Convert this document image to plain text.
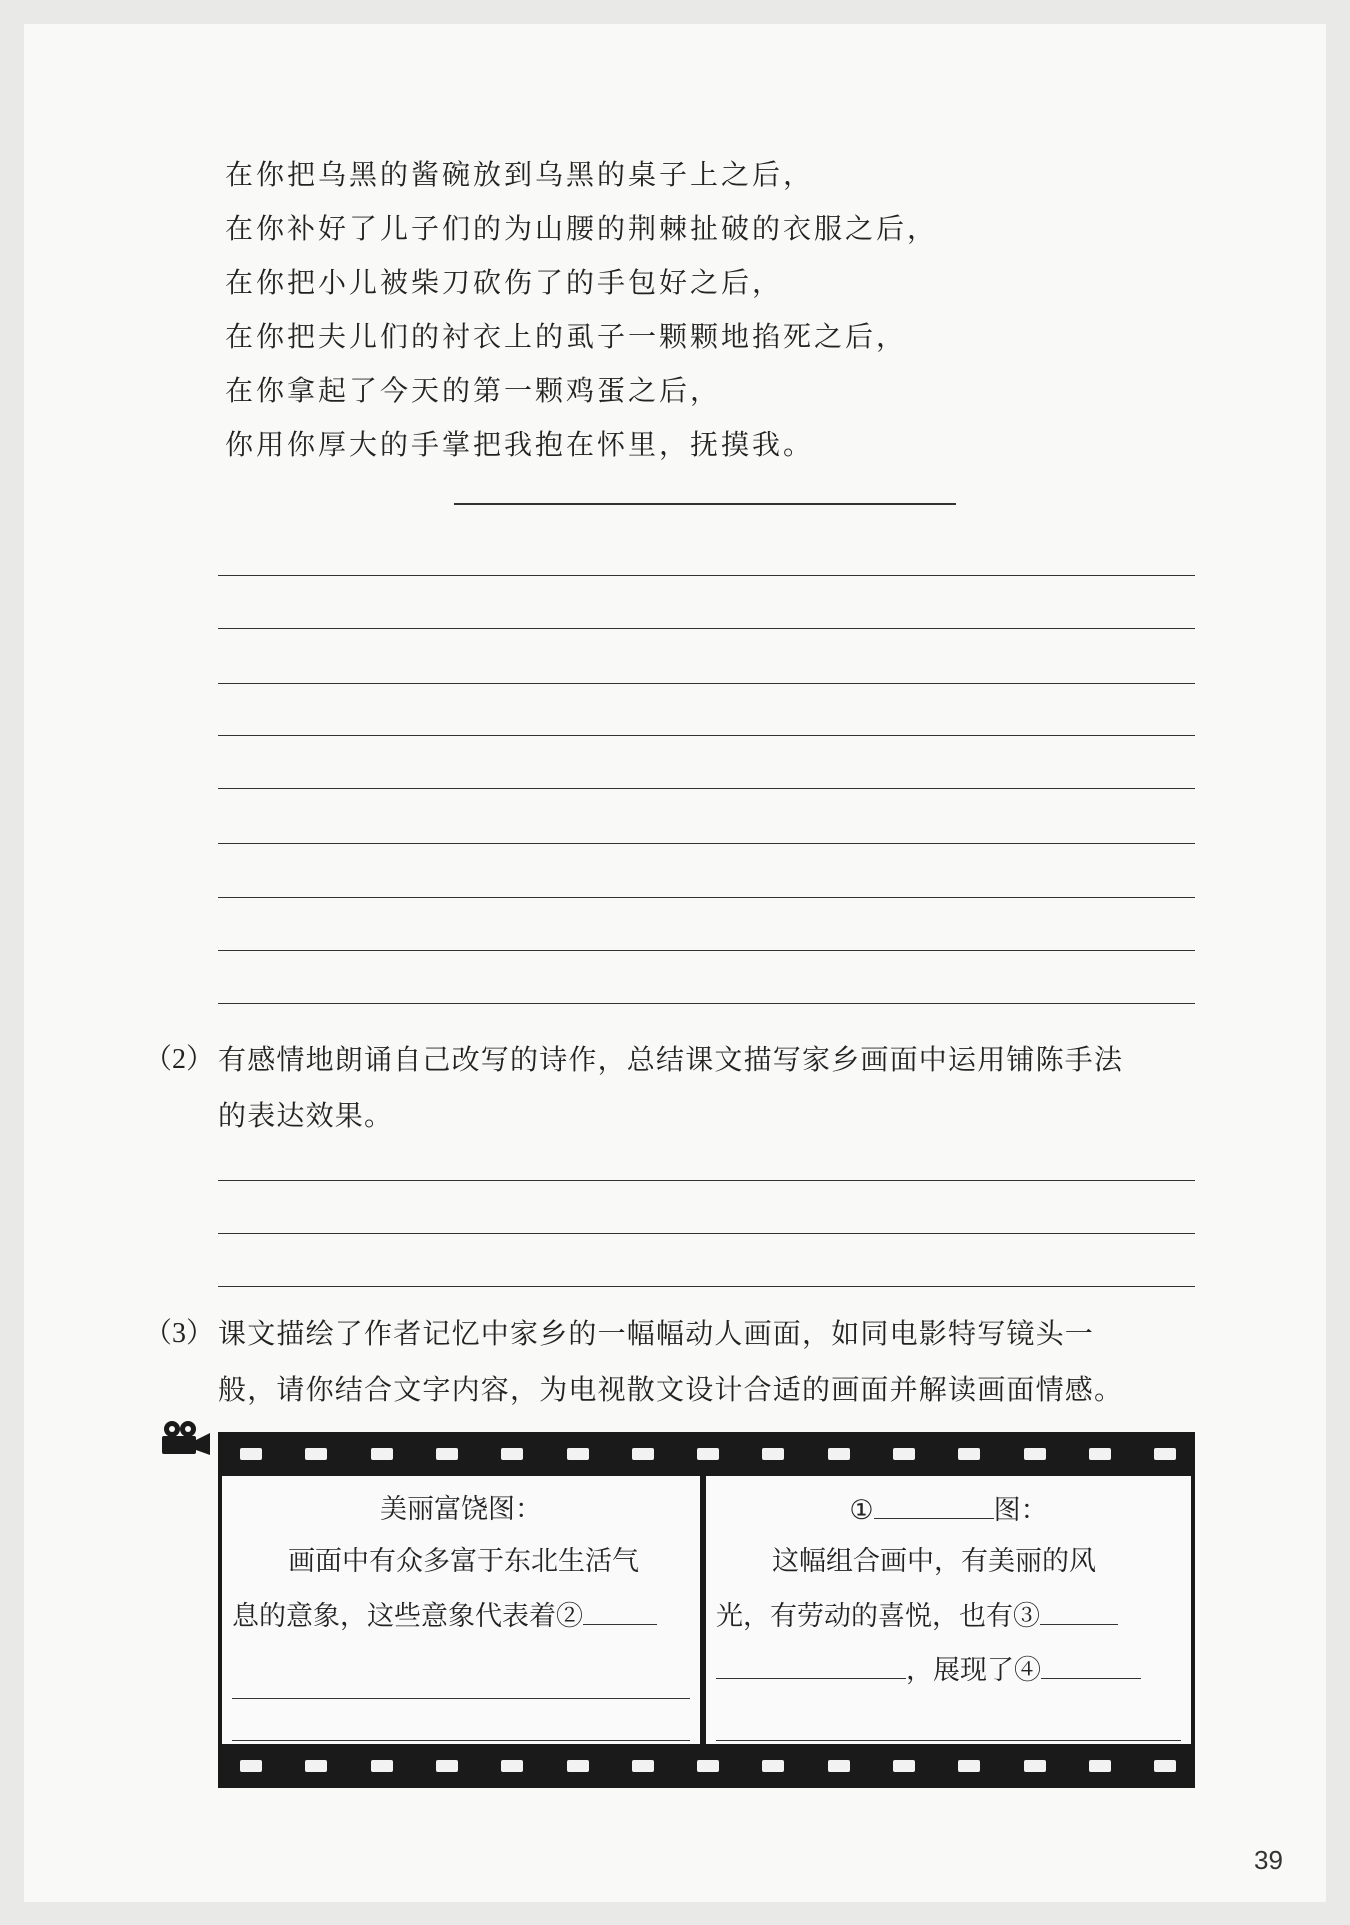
在你把乌黑的酱碗放到乌黑的桌子上之后，
在你补好了儿子们的为山腰的荆棘扯破的衣服之后，
在你把小儿被柴刀砍伤了的手包好之后，
在你把夫儿们的衬衣上的虱子一颗颗地掐死之后，
在你拿起了今天的第一颗鸡蛋之后，
你用你厚大的手掌把我抱在怀里，抚摸我。
（2） 有感情地朗诵自己改写的诗作，总结课文描写家乡画面中运用铺陈手法
的表达效果。
（3） 课文描绘了作者记忆中家乡的一幅幅动人画面，如同电影特写镜头一
般，请你结合文字内容，为电视散文设计合适的画面并解读画面情感。
美丽富饶图：
画面中有众多富于东北生活气
息的意象，这些意象代表着②
①	图：
这幅组合画中，有美丽的风
光，有劳动的喜悦，也有③
，展现了④
39
